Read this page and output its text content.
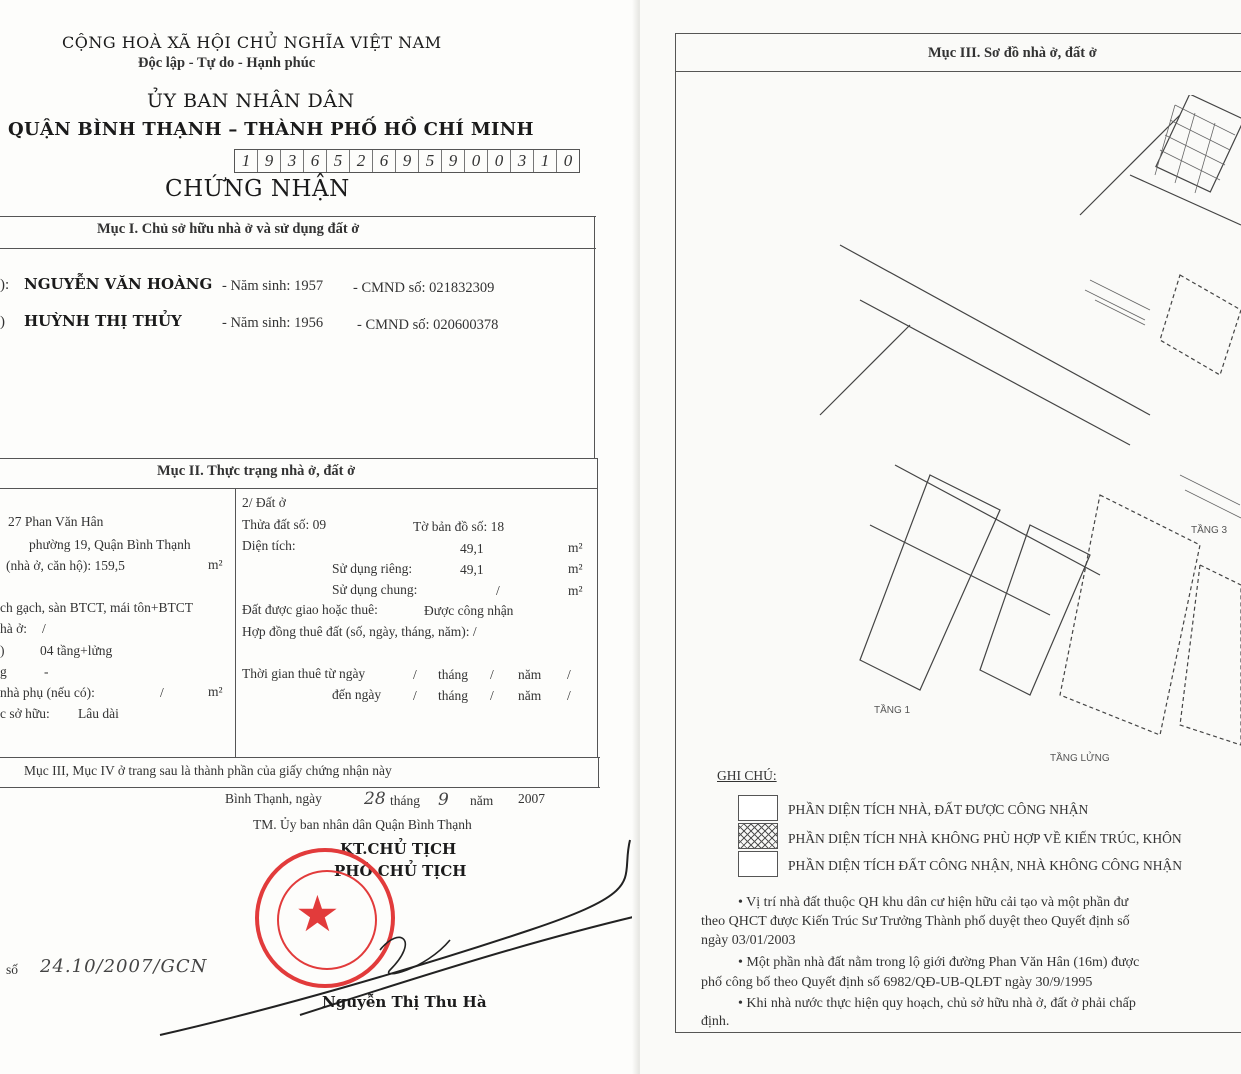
CỘNG HOÀ XÃ HỘI CHỦ NGHĨA VIỆT NAM
Độc lập - Tự do - Hạnh phúc
ỦY BAN NHÂN DÂN
QUẬN BÌNH THẠNH – THÀNH PHỐ HỒ CHÍ MINH
1 9 3 6 5 2 6 9 5 9 0 0 3 1 0
CHỨNG NHẬN
Mục I. Chủ sở hữu nhà ở và sử dụng đất ở
): NGUYỄN VĂN HOÀNG - Năm sinh: 1957 - CMND số: 021832309
) HUỲNH THỊ THỦY	- Năm sinh: 1956 - CMND số: 020600378
Mục II. Thực trạng nhà ở, đất ở
27 Phan Văn Hân
phường 19, Quận Bình Thạnh
(nhà ở, căn hộ): 159,5	m²
ch gạch, sàn BTCT, mái tôn+BTCT
hà ở: /
)	04 tầng+lửng
g	-
nhà phụ (nếu có):	/	m²
c sở hữu: Lâu dài
2/ Đất ở
Thửa đất số: 09	Tờ bản đồ số: 18
Diện tích:	49,1	m²
Sử dụng riêng:	49,1	m²
Sử dụng chung:	/	m²
Đất được giao hoặc thuê:	Được công nhận
Hợp đồng thuê đất (số, ngày, tháng, năm): /
Thời gian thuê từ ngày	/ tháng / năm /
đến ngày / tháng / năm /
Mục III, Mục IV ở trang sau là thành phần của giấy chứng nhận này
Bình Thạnh, ngày 28 tháng 9 năm 2007
TM. Ủy ban nhân dân Quận Bình Thạnh
KT.CHỦ TỊCH
PHÓ CHỦ TỊCH
★
Nguyễn Thị Thu Hà
số 24.10/2007/GCN
Mục III. Sơ đồ nhà ở, đất ở
TẦNG 1
TẦNG LỬNG
TẦNG 3
GHI CHÚ:
PHẦN DIỆN TÍCH NHÀ, ĐẤT ĐƯỢC CÔNG NHẬN
PHẦN DIỆN TÍCH NHÀ KHÔNG PHÙ HỢP VỀ KIẾN TRÚC, KHÔN
PHẦN DIỆN TÍCH ĐẤT CÔNG NHẬN, NHÀ KHÔNG CÔNG NHẬN
• Vị trí nhà đất thuộc QH khu dân cư hiện hữu cải tạo và một phần đư
theo QHCT được Kiến Trúc Sư Trưởng Thành phố duyệt theo Quyết định số
ngày 03/01/2003
• Một phần nhà đất nằm trong lộ giới đường Phan Văn Hân (16m) được
phố công bố theo Quyết định số 6982/QĐ-UB-QLĐT ngày 30/9/1995
• Khi nhà nước thực hiện quy hoạch, chủ sở hữu nhà ở, đất ở phải chấp
định.
